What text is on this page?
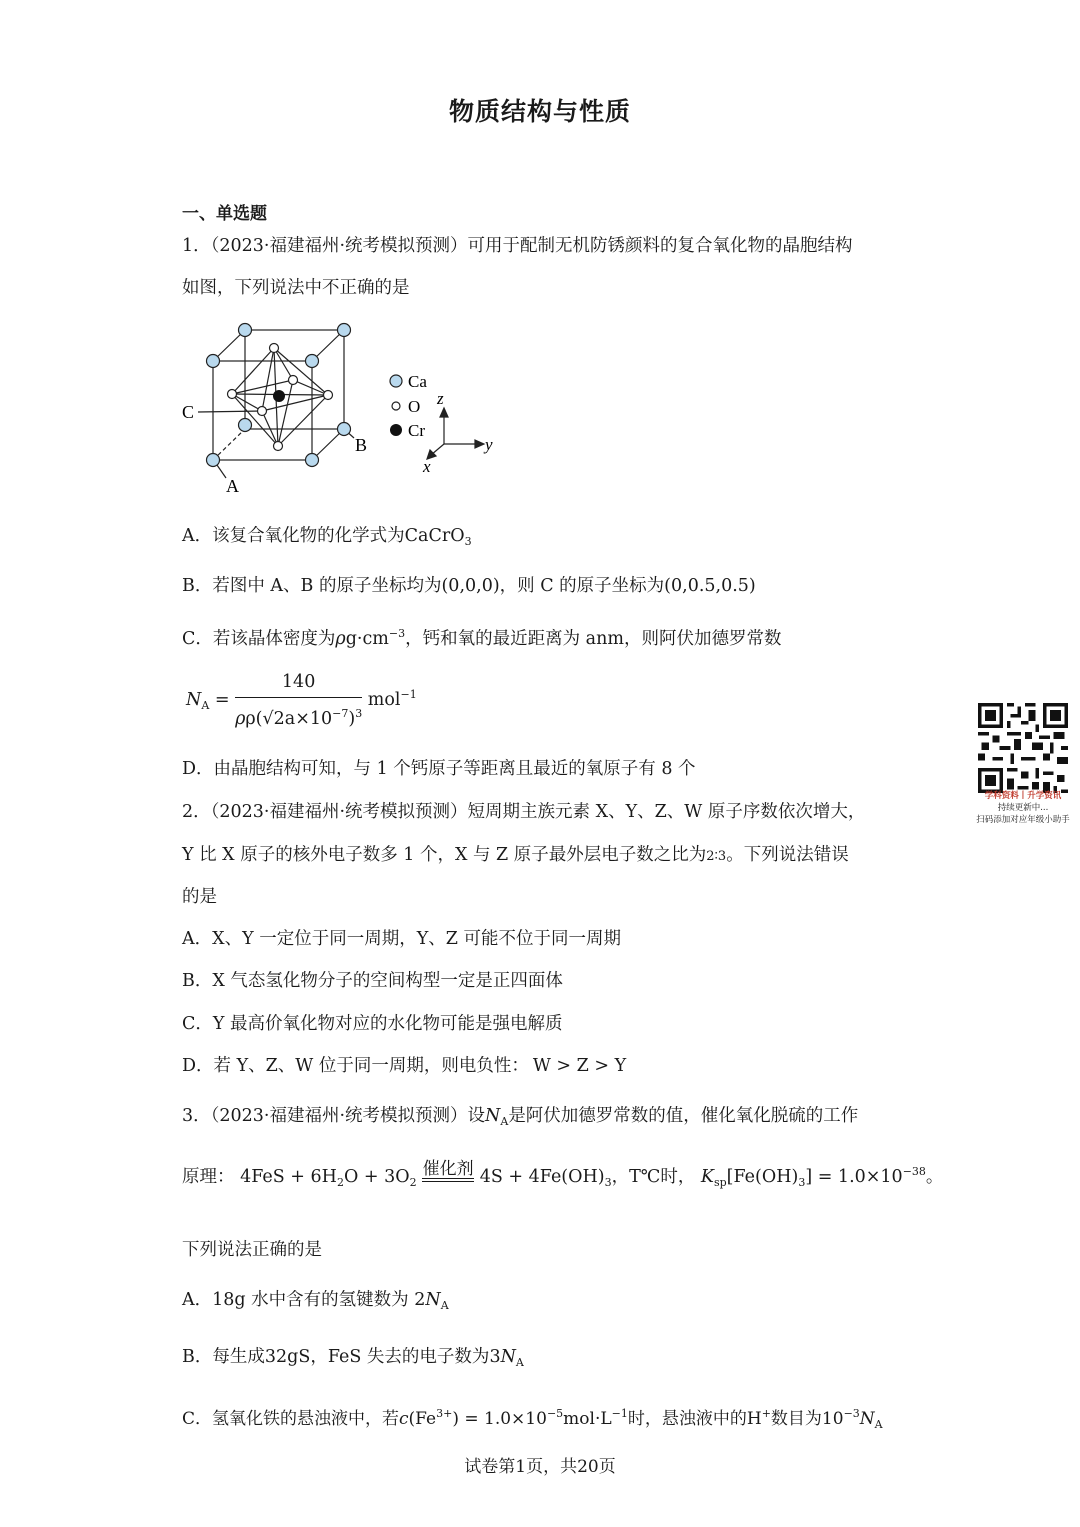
物质结构与性质
一、单选题
1．（2023·福建福州·统考模拟预测）可用于配制无机防锈颜料的复合氧化物的晶胞结构
如图，下列说法中不正确的是
C
A
B
Ca
O
Cr
z
y
x
A．该复合氧化物的化学式为CaCrO$_3$
B．若图中 A、B 的原子坐标均为(0,0,0)，则 C 的原子坐标为(0,0.5,0.5)
C．若该晶体密度为$\rho g\cdot cm^{-3}$，钙和氧的最近距离为 anm，则阿伏加德罗常数
$N_A = \frac{140}{\rho\rho(√2a\times 10^{-7})^3} mol^{-1}$
D．由晶胞结构可知，与 1 个钙原子等距离且最近的氧原子有 8 个
2．（2023·福建福州·统考模拟预测）短周期主族元素 X、Y、Z、W 原子序数依次增大，
Y 比 X 原子的核外电子数多 1 个，X 与 Z 原子最外层电子数之比为2∶3。下列说法错误
的是
A．X、Y 一定位于同一周期，Y、Z 可能不位于同一周期
B．X 气态氢化物分子的空间构型一定是正四面体
C．Y 最高价氧化物对应的水化物可能是强电解质
D．若 Y、Z、W 位于同一周期，则电负性： W > Z > Y
3．（2023·福建福州·统考模拟预测）设$N_A$是阿伏加德罗常数的值，催化氧化脱硫的工作
原理： $4FeS + 6H_2O + 3O_2$
催化剂 $4S + 4Fe(OH)_3$，T℃时， $K_{sp}[Fe(OH)_3] = 1.0\times 10^{-38}$。
下列说法正确的是
A．18g 水中含有的氢键数为 $2N_A$
B．每生成32gS，FeS 失去的电子数为$3N_A$
C．氢氧化铁的悬浊液中，若$c(Fe^{3+}) = 1.0\times 10^{-5}mol\cdot L^{-1}$时，悬浊液中的H+数目为$10^{-3}N_A$
学科资料丨升学资讯
持续更新中...
扫码添加对应年级小助手
试卷第1页，共20页
